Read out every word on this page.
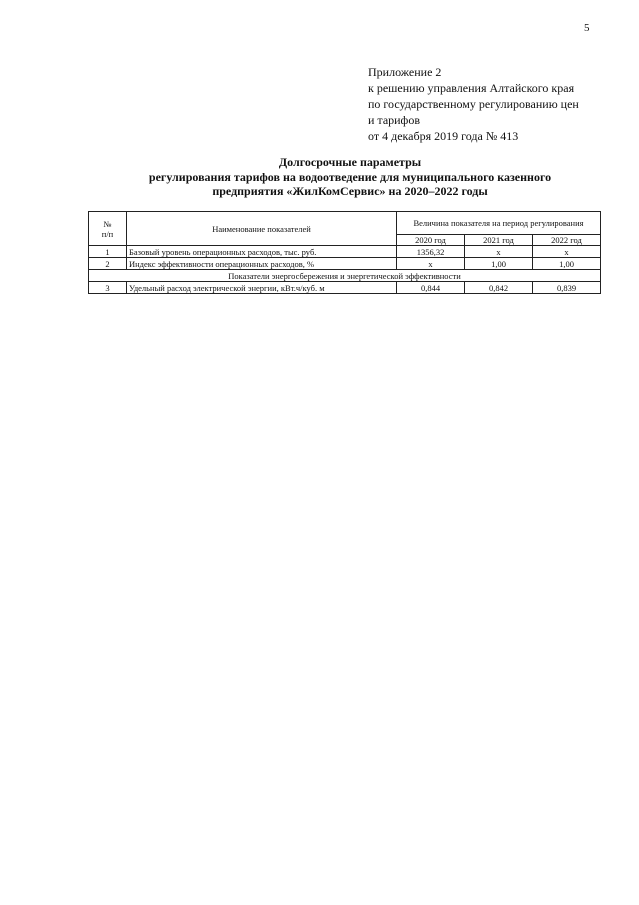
5
Приложение 2
к решению управления Алтайского края
по государственному регулированию цен
и тарифов
от 4 декабря 2019 года № 413
Долгосрочные параметры
регулирования тарифов на водоотведение для муниципального казенного
предприятия «ЖилКомСервис» на 2020–2022 годы
№
п/п	Наименование показателей	Величина показателя на период регулирования		
		2020 год	2021 год	2022 год
1	Базовый уровень операционных расходов, тыс. руб.	1356,32	х	х
2	Индекс эффективности операционных расходов, %	х	1,00	1,00
Показатели энергосбережения и энергетической эффективности				
3	Удельный расход электрической энергии, кВт.ч/куб. м	0,844	0,842	0,839
